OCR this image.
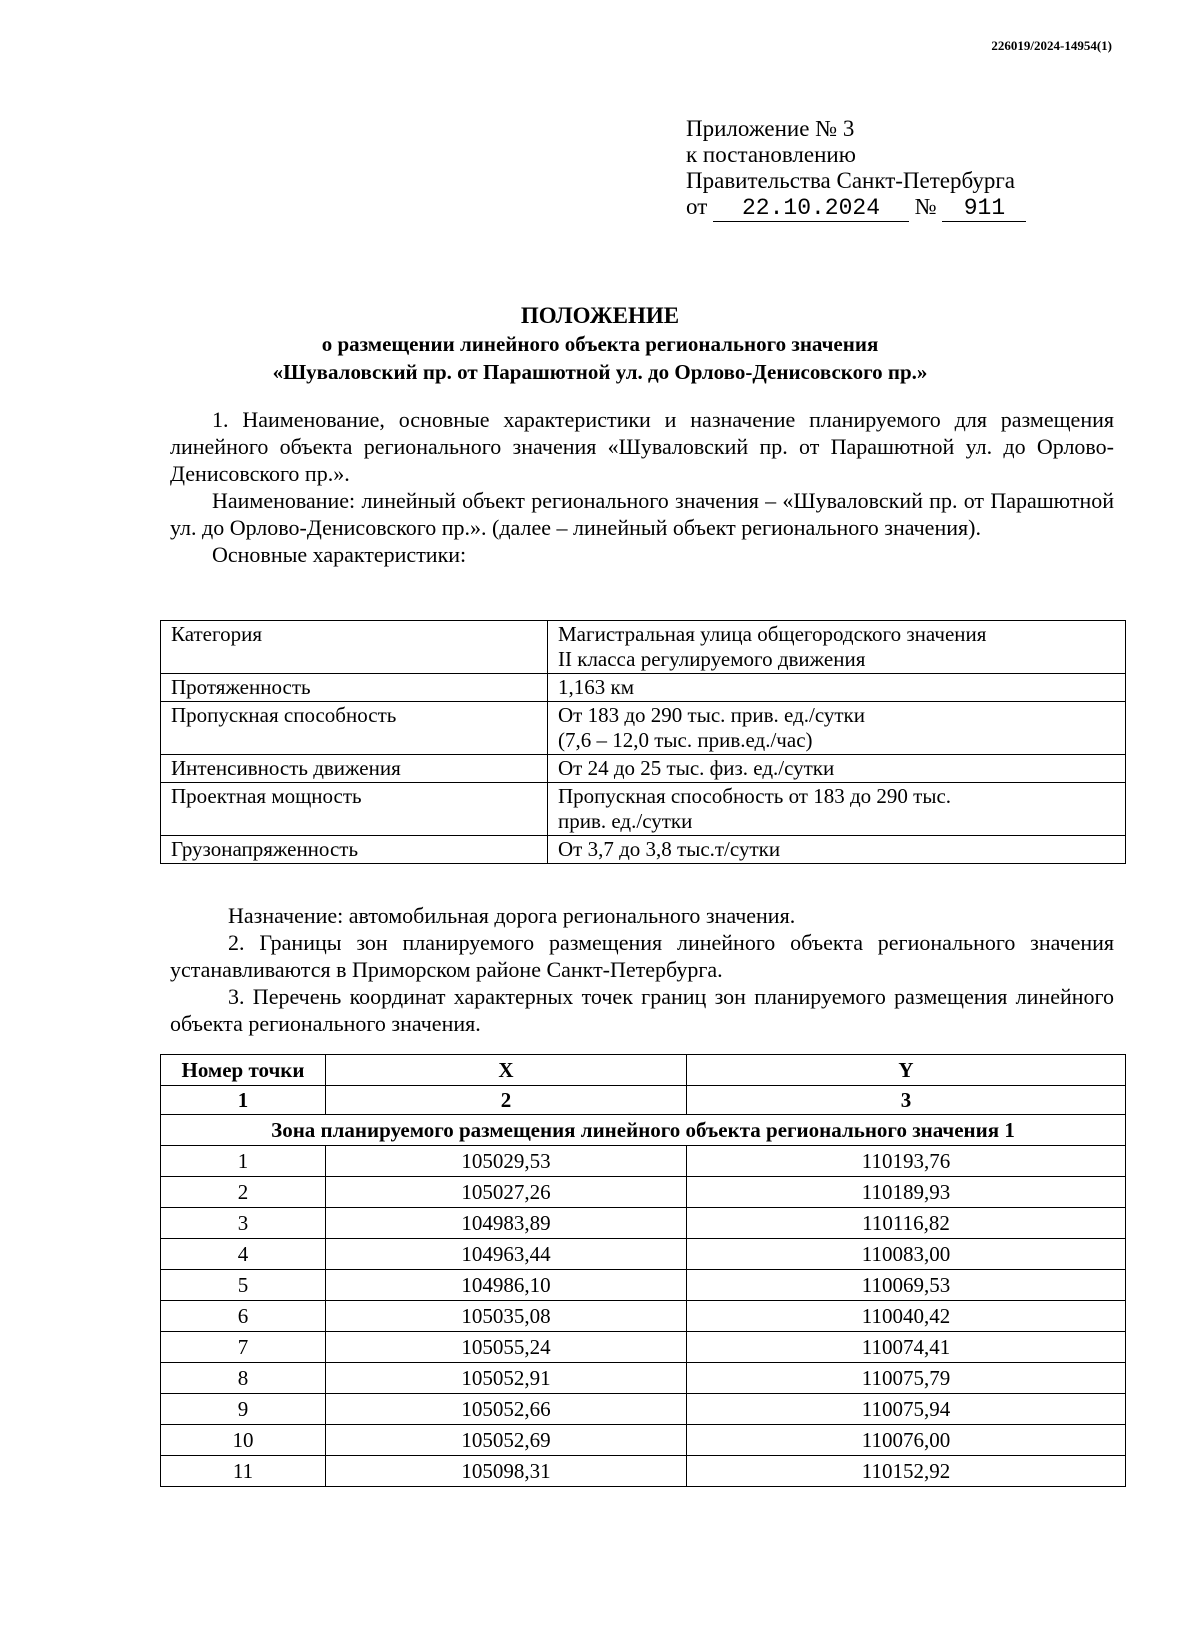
226019/2024-14954(1)
Приложение № 3
к постановлению
Правительства Санкт-Петербурга
от 22.10.2024 № 911
ПОЛОЖЕНИЕ
о размещении линейного объекта регионального значения
«Шуваловский пр. от Парашютной ул. до Орлово-Денисовского пр.»

1. Наименование, основные характеристики и назначение планируемого для размещения линейного объекта регионального значения «Шуваловский пр. от Парашютной ул. до Орлово-Денисовского пр.».

Наименование: линейный объект регионального значения – «Шуваловский пр. от Парашютной ул. до Орлово-Денисовского пр.». (далее – линейный объект регионального значения).

Основные характеристики:

Категория	Магистральная улица общегородского значения
II класса регулируемого движения

Протяженность	1,163 км
Пропускная способность	От 183 до 290 тыс. прив. ед./сутки
(7,6 – 12,0 тыс. прив.ед./час)

Интенсивность движения	От 24 до 25 тыс. физ. ед./сутки
Проектная мощность	Пропускная способность от 183 до 290 тыс.
прив. ед./сутки

Грузонапряженность	От 3,7 до 3,8 тыс.т/сутки

Назначение: автомобильная дорога регионального значения.

2. Границы зон планируемого размещения линейного объекта регионального значения устанавливаются в Приморском районе Санкт-Петербурга.

3. Перечень координат характерных точек границ зон планируемого размещения линейного объекта регионального значения.

Номер точки	X	Y
1	2	3
Зона планируемого размещения линейного объекта регионального значения 1		
1	105029,53	110193,76
2	105027,26	110189,93
3	104983,89	110116,82
4	104963,44	110083,00
5	104986,10	110069,53
6	105035,08	110040,42
7	105055,24	110074,41
8	105052,91	110075,79
9	105052,66	110075,94
10	105052,69	110076,00
11	105098,31	110152,92
